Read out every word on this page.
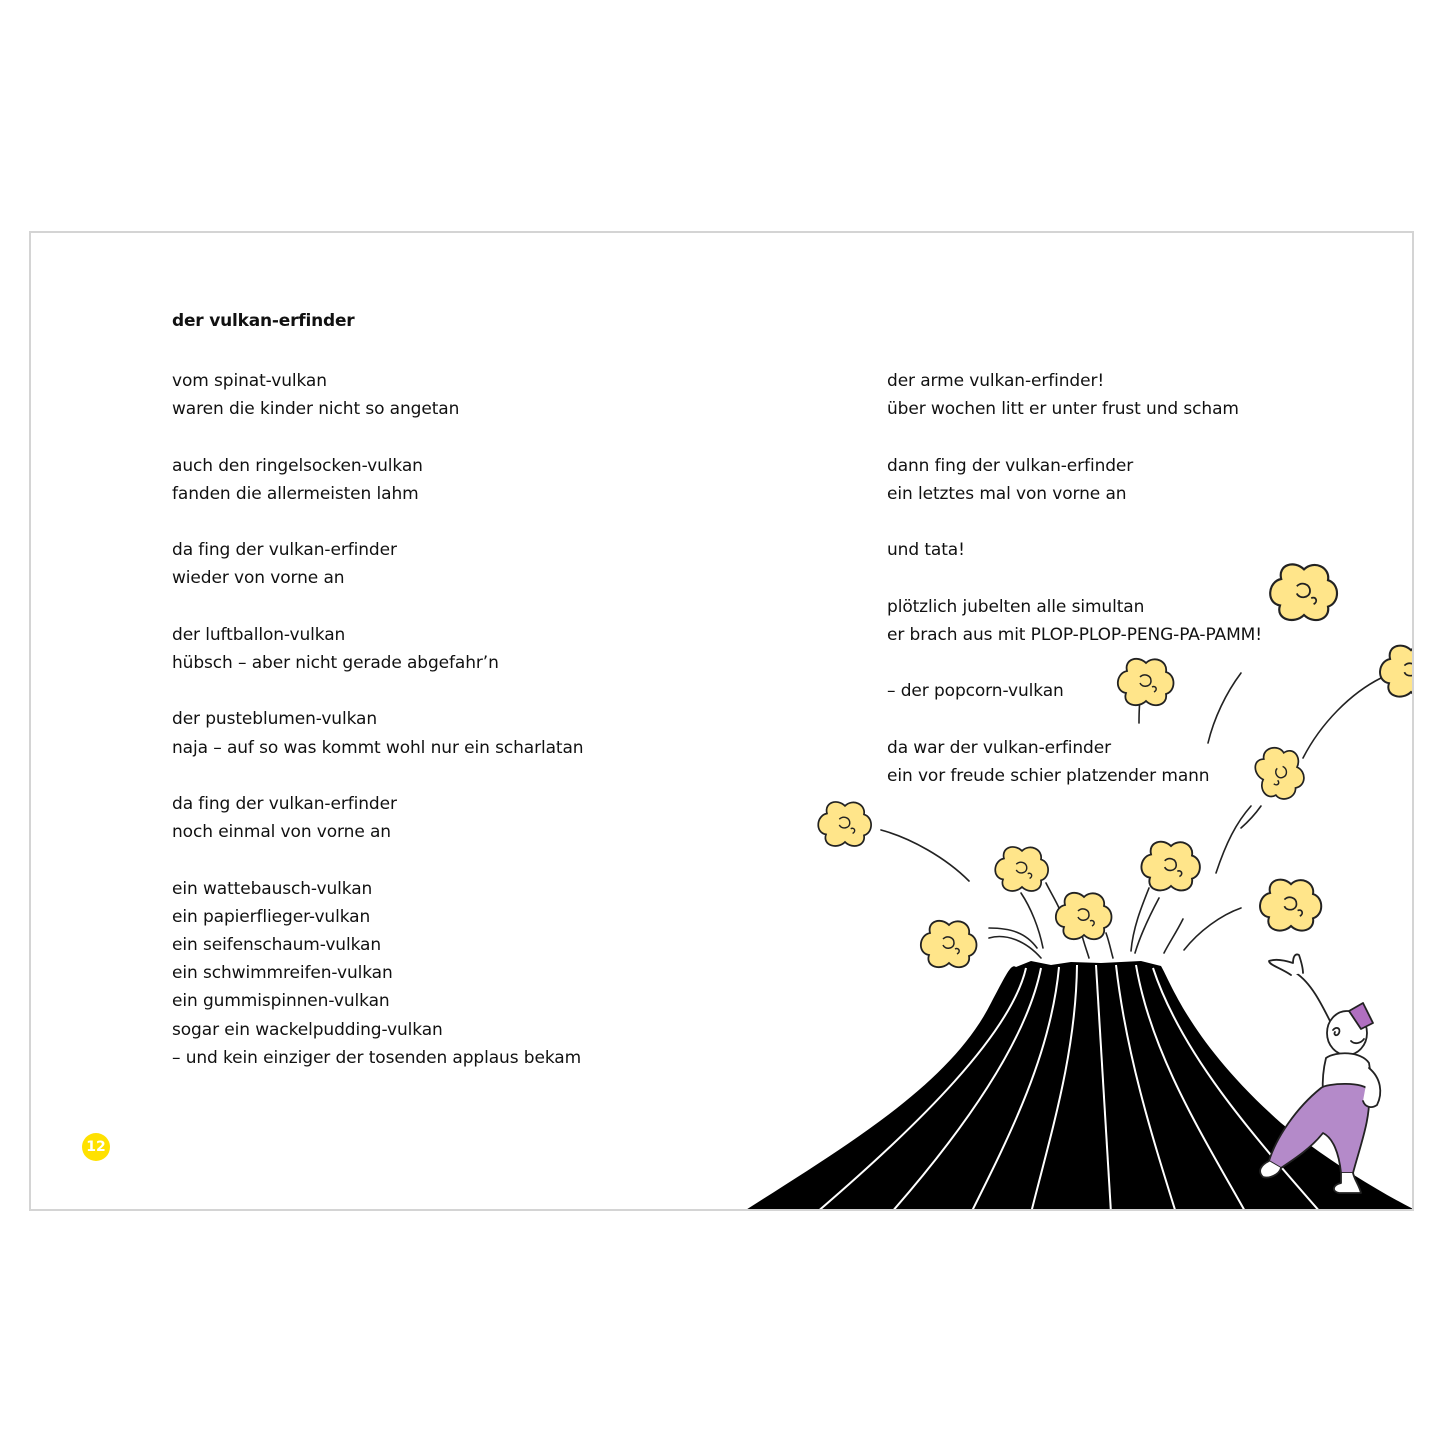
der vulkan-erfinder
vom spinat-vulkan
waren die kinder nicht so angetan
auch den ringelsocken-vulkan
fanden die allermeisten lahm
da fing der vulkan-erfinder
wieder von vorne an
der luftballon-vulkan
hübsch – aber nicht gerade abgefahr’n
der pusteblumen-vulkan
naja – auf so was kommt wohl nur ein scharlatan
da fing der vulkan-erfinder
noch einmal von vorne an
ein wattebausch-vulkan
ein papierflieger-vulkan
ein seifenschaum-vulkan
ein schwimmreifen-vulkan
ein gummispinnen-vulkan
sogar ein wackelpudding-vulkan
– und kein einziger der tosenden applaus bekam
der arme vulkan-erfinder!
über wochen litt er unter frust und scham
dann fing der vulkan-erfinder
ein letztes mal von vorne an
und tata!
plötzlich jubelten alle simultan
er brach aus mit PLOP-PLOP-PENG-PA-PAMM!
– der popcorn-vulkan
da war der vulkan-erfinder
ein vor freude schier platzender mann
12
